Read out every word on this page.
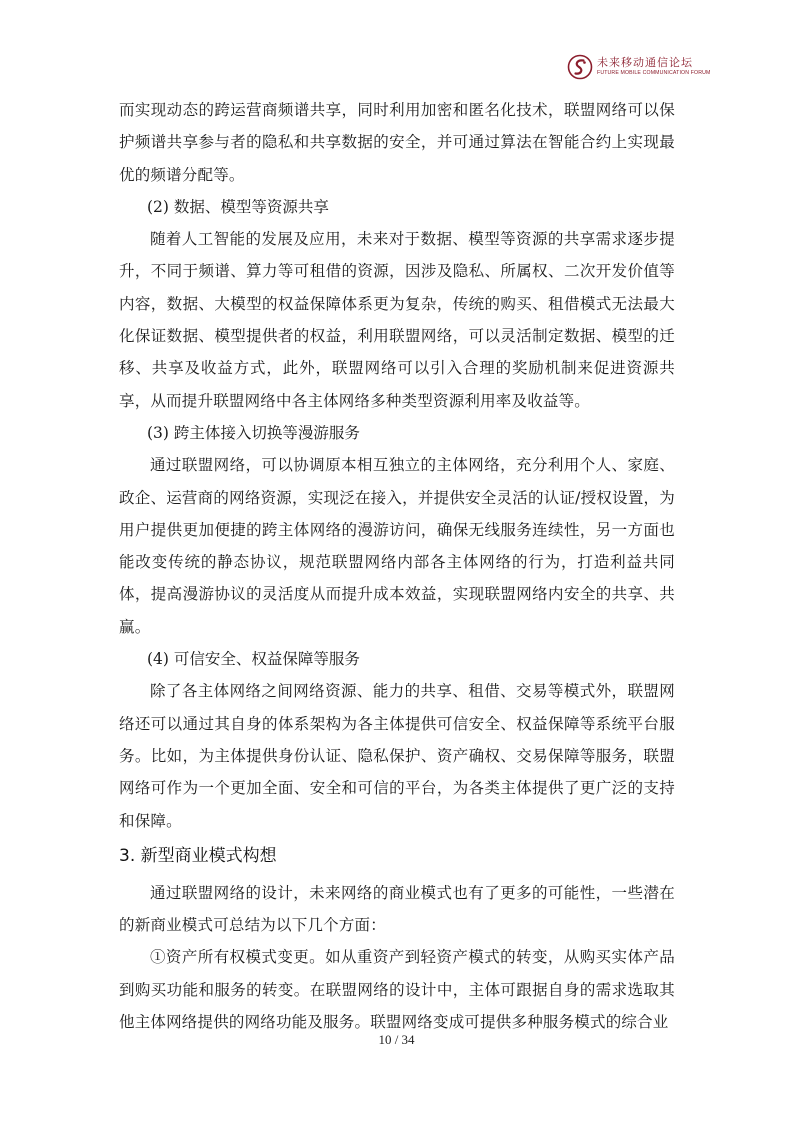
未来移动通信论坛
FUTURE MOBILE COMMUNICATION FORUM

而实现动态的跨运营商频谱共享，同时利用加密和匿名化技术，联盟网络可以保护频谱共享参与者的隐私和共享数据的安全，并可通过算法在智能合约上实现最优的频谱分配等。

(2) 数据、模型等资源共享

随着人工智能的发展及应用，未来对于数据、模型等资源的共享需求逐步提升，不同于频谱、算力等可租借的资源，因涉及隐私、所属权、二次开发价值等内容，数据、大模型的权益保障体系更为复杂，传统的购买、租借模式无法最大化保证数据、模型提供者的权益，利用联盟网络，可以灵活制定数据、模型的迁移、共享及收益方式，此外，联盟网络可以引入合理的奖励机制来促进资源共享，从而提升联盟网络中各主体网络多种类型资源利用率及收益等。

(3) 跨主体接入切换等漫游服务

通过联盟网络，可以协调原本相互独立的主体网络，充分利用个人、家庭、政企、运营商的网络资源，实现泛在接入，并提供安全灵活的认证/授权设置，为用户提供更加便捷的跨主体网络的漫游访问，确保无线服务连续性，另一方面也能改变传统的静态协议，规范联盟网络内部各主体网络的行为，打造利益共同体，提高漫游协议的灵活度从而提升成本效益，实现联盟网络内安全的共享、共赢。

(4) 可信安全、权益保障等服务

除了各主体网络之间网络资源、能力的共享、租借、交易等模式外，联盟网络还可以通过其自身的体系架构为各主体提供可信安全、权益保障等系统平台服务。比如，为主体提供身份认证、隐私保护、资产确权、交易保障等服务，联盟网络可作为一个更加全面、安全和可信的平台，为各类主体提供了更广泛的支持和保障。

3. 新型商业模式构想

通过联盟网络的设计，未来网络的商业模式也有了更多的可能性，一些潜在的新商业模式可总结为以下几个方面：

①资产所有权模式变更。如从重资产到轻资产模式的转变，从购买实体产品到购买功能和服务的转变。在联盟网络的设计中，主体可跟据自身的需求选取其他主体网络提供的网络功能及服务。联盟网络变成可提供多种服务模式的综合业

10 / 34
